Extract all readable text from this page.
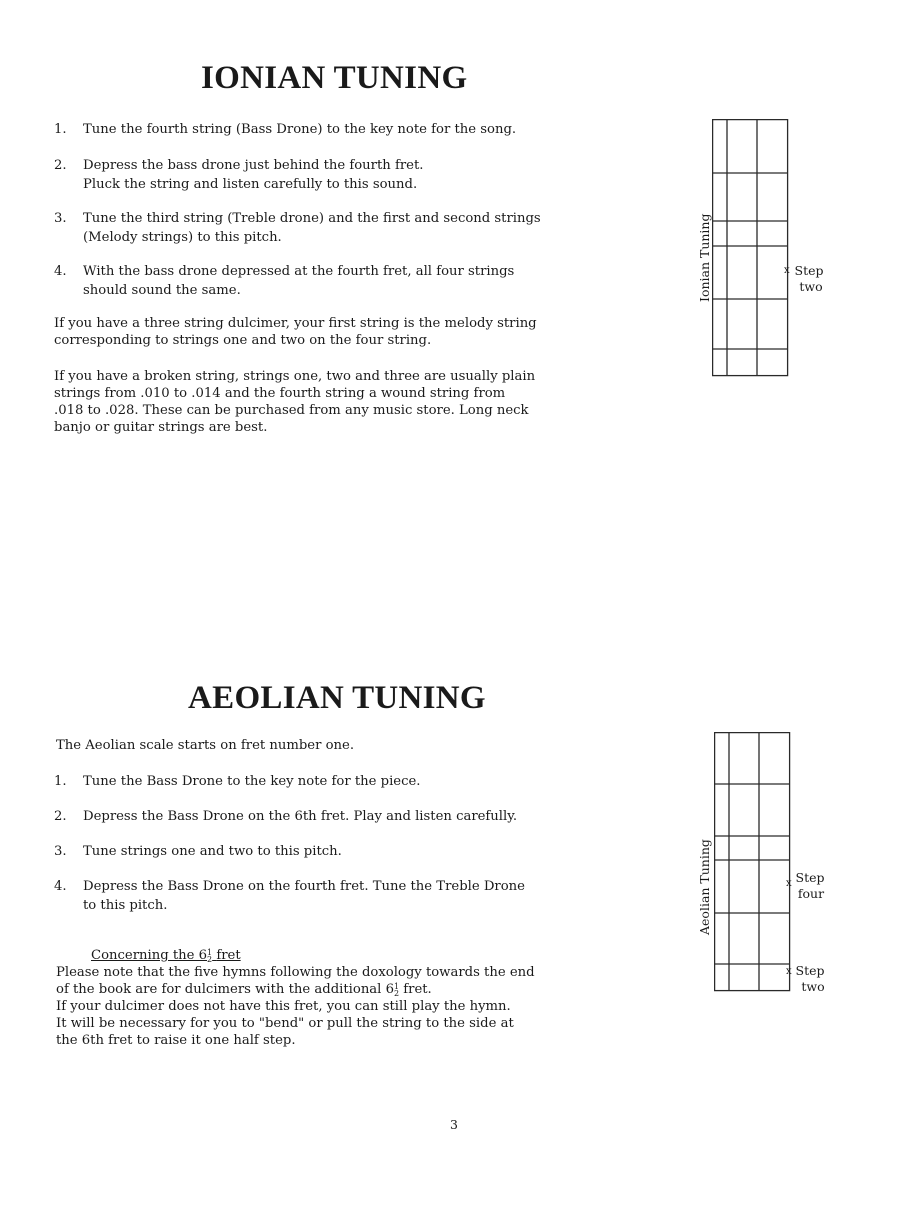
IONIAN TUNING
1. Tune the fourth string (Bass Drone) to the key note for the song.
2. Depress the bass drone just behind the fourth fret.
Pluck the string and listen carefully to this sound.
3. Tune the third string (Treble drone) and the first and second strings
(Melody strings) to this pitch.
4. With the bass drone depressed at the fourth fret, all four strings
should sound the same.
If you have a three string dulcimer, your first string is the melody string
corresponding to strings one and two on the four string.
If you have a broken string, strings one, two and three are usually plain
strings from .010 to .014 and the fourth string a wound string from
.018 to .028. These can be purchased from any music store. Long neck
banjo or guitar strings are best.
Ionian Tuning	x Step
two
AEOLIAN TUNING
The Aeolian scale starts on fret number one.
1. Tune the Bass Drone to the key note for the piece.
2. Depress the Bass Drone on the 6th fret. Play and listen carefully.
3. Tune strings one and two to this pitch.
4. Depress the Bass Drone on the fourth fret. Tune the Treble Drone
to this pitch.
Concerning the 6 1
2 fret
Please note that the five hymns following the doxology towards the end
of the book are for dulcimers with the additional 6 1
2 fret.
If your dulcimer does not have this fret, you can still play the hymn.
It will be necessary for you to "bend" or pull the string to the side at
the 6th fret to raise it one half step.
Aeolian Tuning	x Step
four
x Step
two
3
